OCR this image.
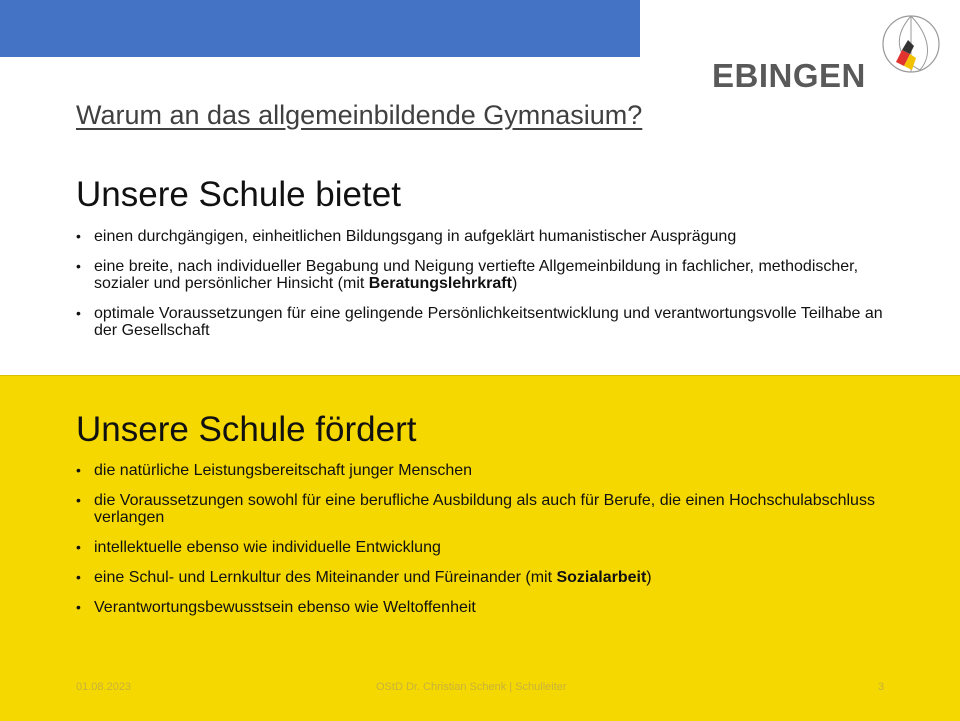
GYMNASIUM
EBINGEN
Warum an das allgemeinbildende Gymnasium?
Unsere Schule bietet
• einen durchgängigen, einheitlichen Bildungsgang in aufgeklärt humanistischer Ausprägung
• eine breite, nach individueller Begabung und Neigung vertiefte Allgemeinbildung in fachlicher, methodischer, sozialer und persönlicher Hinsicht (mit Beratungslehrkraft)
• optimale Voraussetzungen für eine gelingende Persönlichkeitsentwicklung und verantwortungsvolle Teilhabe an der Gesellschaft
Unsere Schule fördert
• die natürliche Leistungsbereitschaft junger Menschen
• die Voraussetzungen sowohl für eine berufliche Ausbildung als auch für Berufe, die einen Hochschulabschluss verlangen
• intellektuelle ebenso wie individuelle Entwicklung
• eine Schul- und Lernkultur des Miteinander und Füreinander (mit Sozialarbeit)
• Verantwortungsbewusstsein ebenso wie Weltoffenheit
01.08.2023	OStD Dr. Christian Schenk | Schulleiter	3
